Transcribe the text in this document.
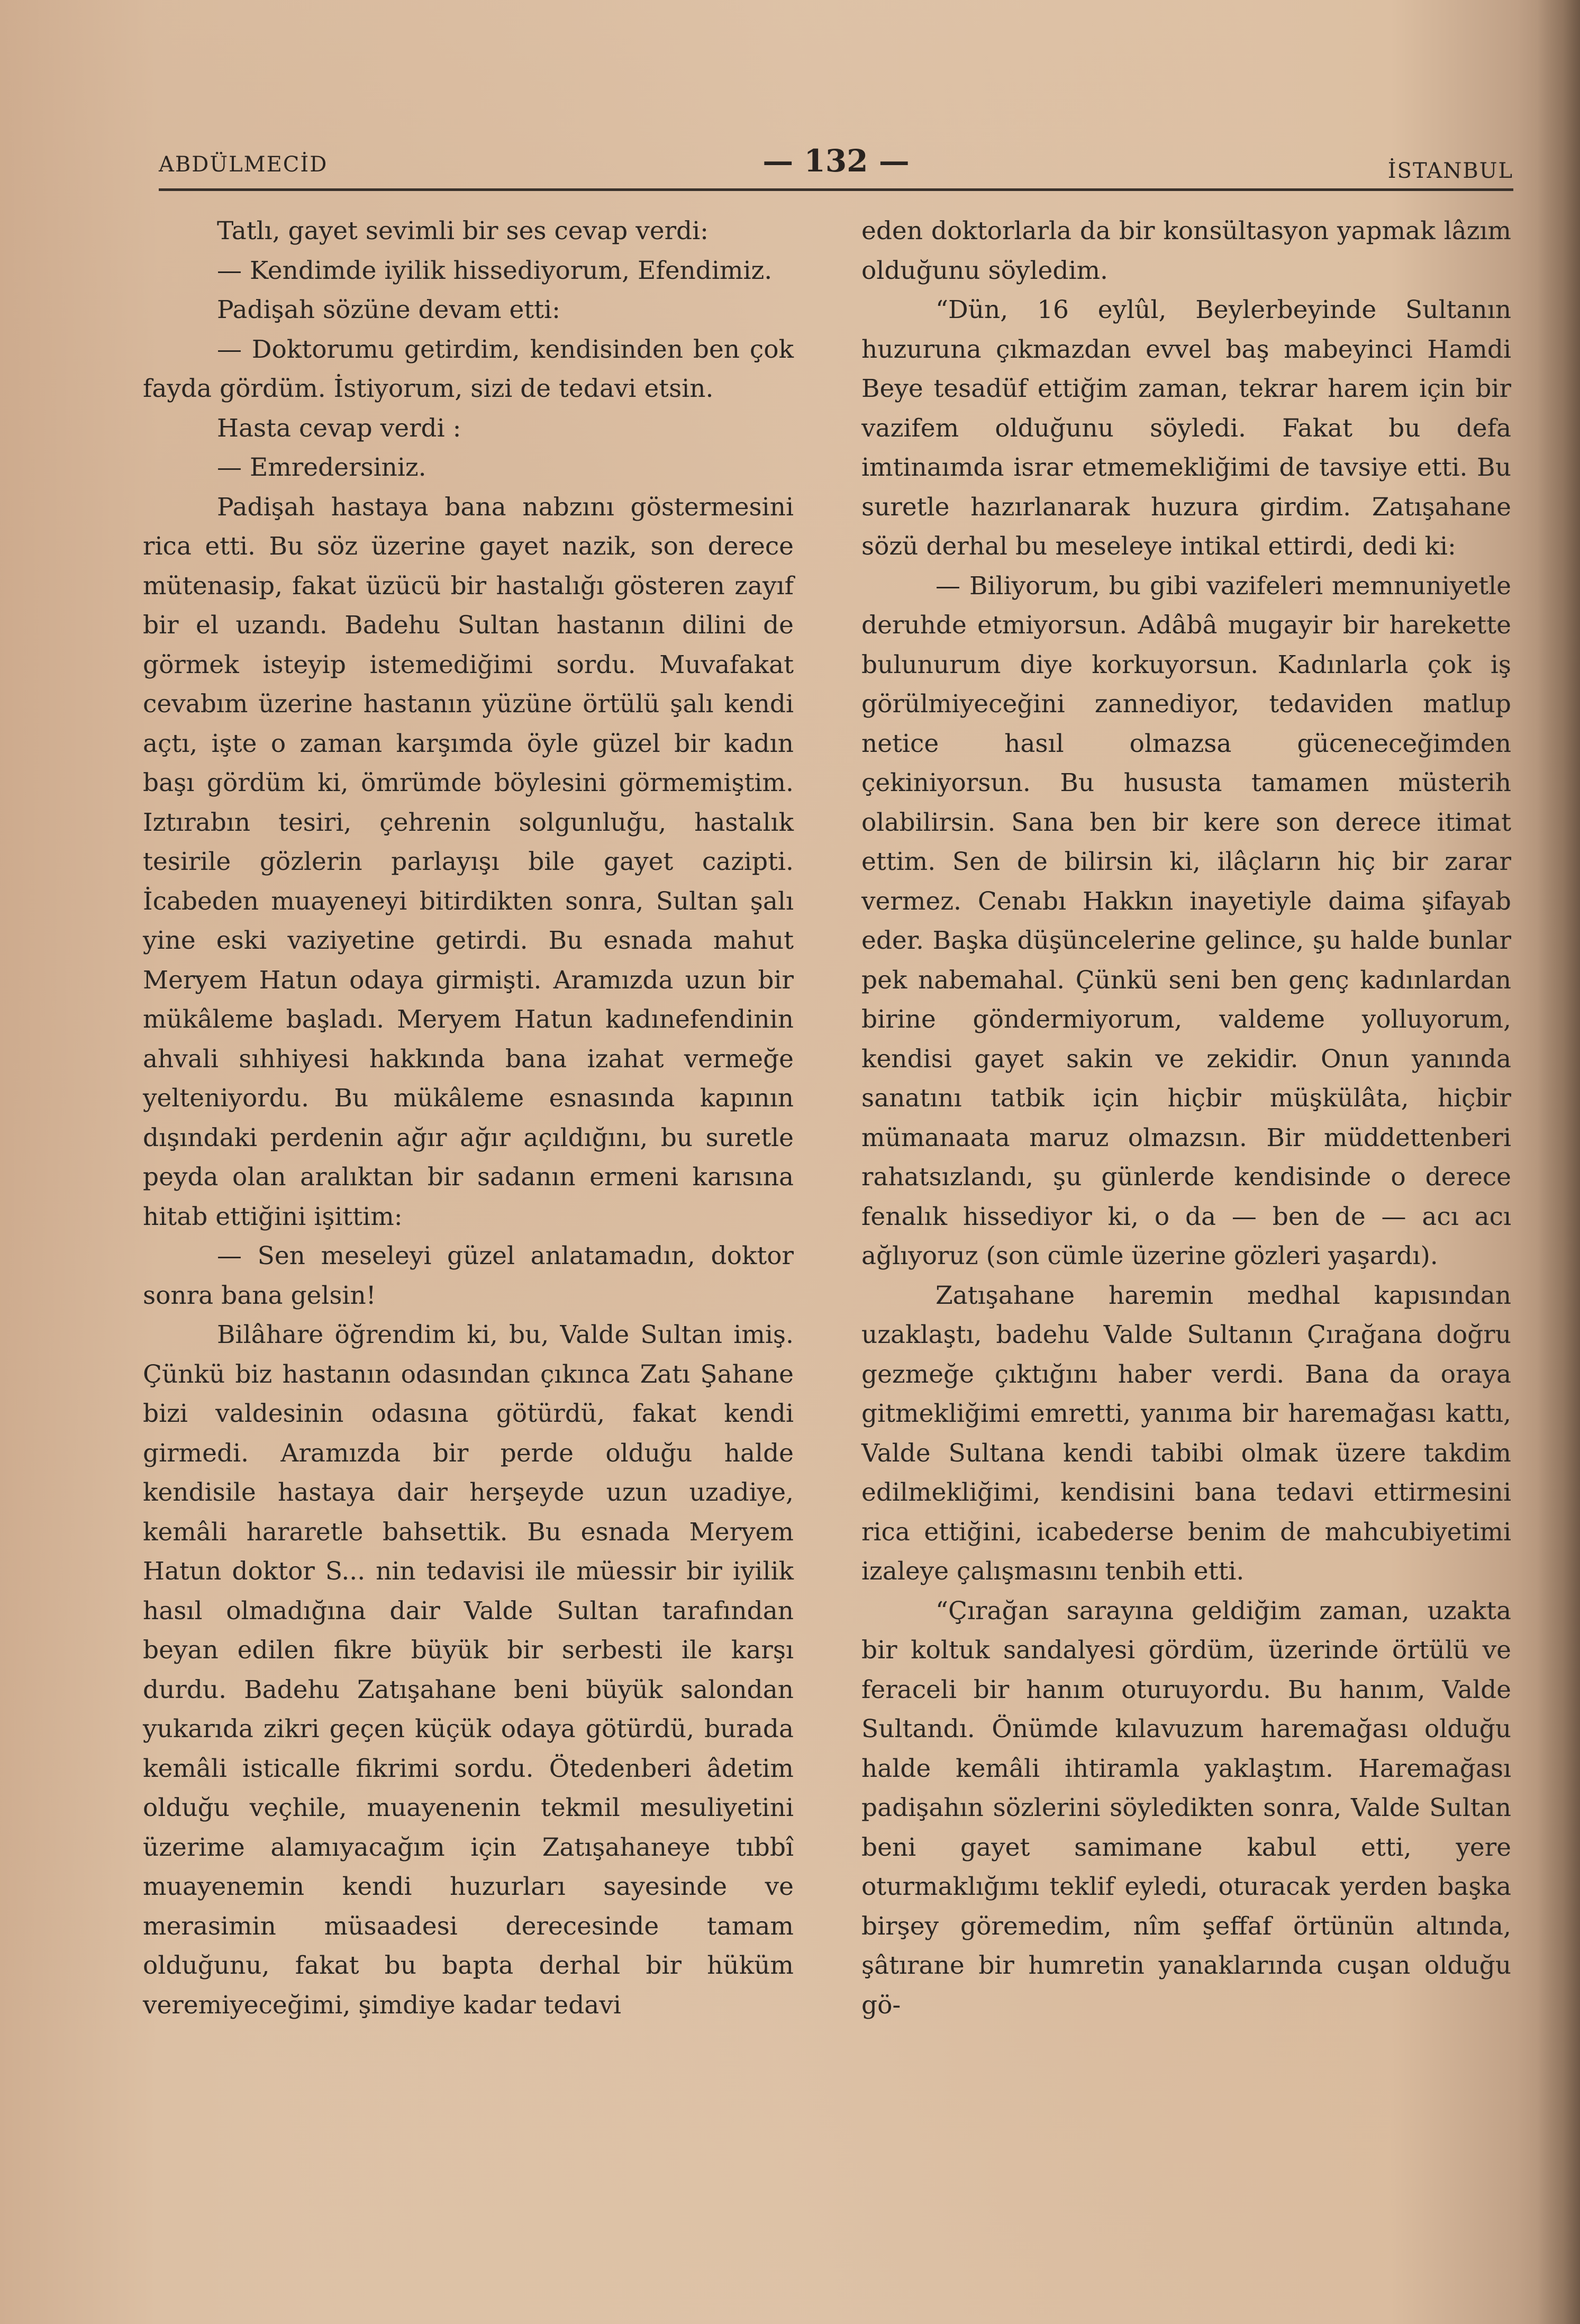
ABDÜLMECİD	— 132 —	İSTANBUL

Tatlı, gayet sevimli bir ses cevap verdi:

— Kendimde iyilik hissediyorum, Efendimiz.

Padişah sözüne devam etti:

— Doktorumu getirdim, kendisinden ben çok fayda gördüm. İstiyorum, sizi de tedavi etsin.

Hasta cevap verdi :

— Emredersiniz.

Padişah hastaya bana nabzını göstermesini rica etti. Bu söz üzerine gayet nazik, son derece mütenasip, fakat üzücü bir hastalığı gösteren zayıf bir el uzandı. Badehu Sultan hastanın dilini de görmek isteyip istemediğimi sordu. Muvafakat cevabım üzerine hastanın yüzüne örtülü şalı kendi açtı, işte o zaman karşımda öyle güzel bir kadın başı gördüm ki, ömrümde böylesini görmemiştim. Iztırabın tesiri, çehrenin solgunluğu, hastalık tesirile gözlerin parlayışı bile gayet cazipti. İcabeden muayeneyi bitirdikten sonra, Sultan şalı yine eski vaziyetine getirdi. Bu esnada mahut Meryem Hatun odaya girmişti. Aramızda uzun bir mükâleme başladı. Meryem Hatun kadınefendinin ahvali sıhhiyesi hakkında bana izahat vermeğe yelteniyordu. Bu mükâleme esnasında kapının dışındaki perdenin ağır ağır açıldığını, bu suretle peyda olan aralıktan bir sadanın ermeni karısına hitab ettiğini işittim:

— Sen meseleyi güzel anlatamadın, doktor sonra bana gelsin!

Bilâhare öğrendim ki, bu, Valde Sultan imiş. Çünkü biz hastanın odasından çıkınca Zatı Şahane bizi valdesinin odasına götürdü, fakat kendi girmedi. Aramızda bir perde olduğu halde kendisile hastaya dair herşeyde uzun uzadiye, kemâli hararetle bahsettik. Bu esnada Meryem Hatun doktor S... nin tedavisi ile müessir bir iyilik hasıl olmadığına dair Valde Sultan tarafından beyan edilen fikre büyük bir serbesti ile karşı durdu. Badehu Zatışahane beni büyük salondan yukarıda zikri geçen küçük odaya götürdü, burada kemâli isticalle fikrimi sordu. Ötedenberi âdetim olduğu veçhile, muayenenin tekmil mesuliyetini üzerime alamıyacağım için Zatışahaneye tıbbî muayenemin kendi huzurları sayesinde ve merasimin müsaadesi derecesinde tamam olduğunu, fakat bu bapta derhal bir hüküm veremiyeceğimi, şimdiye kadar tedavi

eden doktorlarla da bir konsültasyon yapmak lâzım olduğunu söyledim.

“Dün, 16 eylûl, Beylerbeyinde Sultanın huzuruna çıkmazdan evvel baş mabeyinci Hamdi Beye tesadüf ettiğim zaman, tekrar harem için bir vazifem olduğunu söyledi. Fakat bu defa imtinaımda israr etmemekliğimi de tavsiye etti. Bu suretle hazırlanarak huzura girdim. Zatışahane sözü derhal bu meseleye intikal ettirdi, dedi ki:

— Biliyorum, bu gibi vazifeleri memnuniyetle deruhde etmiyorsun. Adâbâ mugayir bir harekette bulunurum diye korkuyorsun. Kadınlarla çok iş görülmiyeceğini zannediyor, tedaviden matlup netice hasıl olmazsa güceneceğimden çekiniyorsun. Bu hususta tamamen müsterih olabilirsin. Sana ben bir kere son derece itimat ettim. Sen de bilirsin ki, ilâçların hiç bir zarar vermez. Cenabı Hakkın inayetiyle daima şifayab eder. Başka düşüncelerine gelince, şu halde bunlar pek nabemahal. Çünkü seni ben genç kadınlardan birine göndermiyorum, valdeme yolluyorum, kendisi gayet sakin ve zekidir. Onun yanında sanatını tatbik için hiçbir müşkülâta, hiçbir mümanaata maruz olmazsın. Bir müddettenberi rahatsızlandı, şu günlerde kendisinde o derece fenalık hissediyor ki, o da — ben de — acı acı ağlıyoruz (son cümle üzerine gözleri yaşardı).

Zatışahane haremin medhal kapısından uzaklaştı, badehu Valde Sultanın Çırağana doğru gezmeğe çıktığını haber verdi. Bana da oraya gitmekliğimi emretti, yanıma bir haremağası kattı, Valde Sultana kendi tabibi olmak üzere takdim edilmekliğimi, kendisini bana tedavi ettirmesini rica ettiğini, icabederse benim de mahcubiyetimi izaleye çalışmasını tenbih etti.

“Çırağan sarayına geldiğim zaman, uzakta bir koltuk sandalyesi gördüm, üzerinde örtülü ve feraceli bir hanım oturuyordu. Bu hanım, Valde Sultandı. Önümde kılavuzum haremağası olduğu halde kemâli ihtiramla yaklaştım. Haremağası padişahın sözlerini söyledikten sonra, Valde Sultan beni gayet samimane kabul etti, yere oturmaklığımı teklif eyledi, oturacak yerden başka birşey göremedim, nîm şeffaf örtünün altında, şâtırane bir humretin yanaklarında cuşan olduğu gö-
